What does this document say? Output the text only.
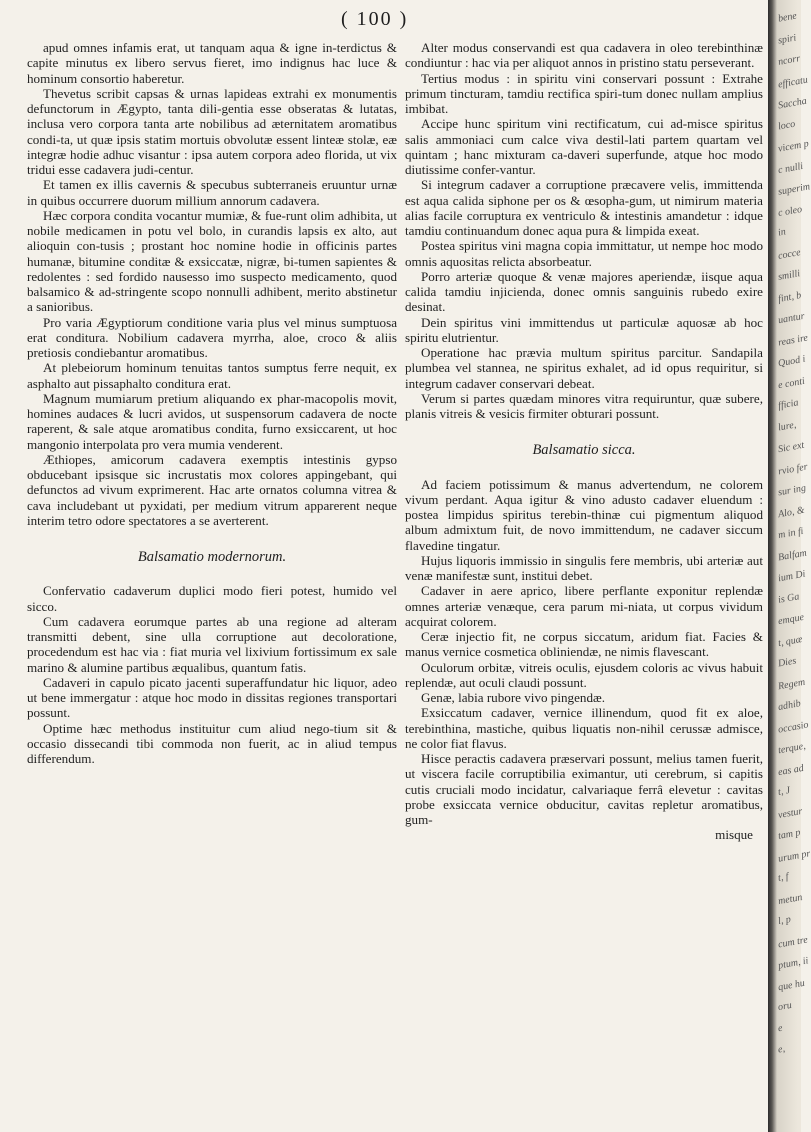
( 100 )

apud omnes infamis erat, ut tanquam aqua & igne in-terdictus & capite minutus ex libero servus fieret, imo indignus hac luce & hominum consortio haberetur.

Thevetus scribit capsas & urnas lapideas extrahi ex monumentis defunctorum in Ægypto, tanta dili-gentia esse obseratas & lutatas, inclusa vero corpora tanta arte nobilibus ad æternitatem aromatibus condi-ta, ut quæ ipsis statim mortuis obvolutæ essent linteæ stolæ, eæ integræ hodie adhuc visantur : ipsa autem corpora adeo florida, ut vix tridui esse cadavera judi-centur.

Et tamen ex illis cavernis & specubus subterraneis eruuntur urnæ in quibus occurrere duorum millium annorum cadavera.

Hæc corpora condita vocantur mumiæ, & fue-runt olim adhibita, ut nobile medicamen in potu vel bolo, in curandis lapsis ex alto, aut alioquin con-tusis ; prostant hoc nomine hodie in officinis partes humanæ, bitumine conditæ & exsiccatæ, nigræ, bi-tumen sapientes & redolentes : sed fordido nausesso imo suspecto medicamento, quod balsamico & ad-stringente scopo nonnulli adhibent, merito abstinetur a sanioribus.

Pro varia Ægyptiorum conditione varia plus vel minus sumptuosa erat conditura. Nobilium cadavera myrrha, aloe, croco & aliis pretiosis condiebantur aromatibus.

At plebeiorum hominum tenuitas tantos sumptus ferre nequit, ex asphalto aut pissaphalto conditura erat.

Magnum mumiarum pretium aliquando ex phar-macopolis movit, homines audaces & lucri avidos, ut suspensorum cadavera de nocte raperent, & sale atque aromatibus condita, furno exsiccarent, ut hoc mangonio interpolata pro vera mumia venderent.

Æthiopes, amicorum cadavera exemptis intestinis gypso obducebant ipsisque sic incrustatis mox colores appingebant, qui defunctos ad vivum exprimerent. Hac arte ornatos columna vitrea & cava includebant ut pyxidati, per medium vitrum apparerent neque interim tetro odore spectatores a se averterent.

Balsamatio modernorum.

Confervatio cadaverum duplici modo fieri potest, humido vel sicco.

Cum cadavera eorumque partes ab una regione ad alteram transmitti debent, sine ulla corruptione aut decoloratione, procedendum est hac via : fiat muria vel lixivium fortissimum ex sale marino & alumine partibus æqualibus, quantum fatis.

Cadaveri in capulo picato jacenti superaffundatur hic liquor, adeo ut bene immergatur : atque hoc modo in dissitas regiones transportari possunt.

Optime hæc methodus instituitur cum aliud nego-tium sit & occasio dissecandi tibi commoda non fuerit, ac in aliud tempus differendum.

Alter modus conservandi est qua cadavera in oleo terebinthinæ condiuntur : hac via per aliquot annos in pristino statu perseverant.

Tertius modus : in spiritu vini conservari possunt : Extrahe primum tincturam, tamdiu rectifica spiri-tum donec nullam amplius imbibat.

Accipe hunc spiritum vini rectificatum, cui ad-misce spiritus salis ammoniaci cum calce viva destil-lati partem quartam vel quintam ; hanc mixturam ca-daveri superfunde, atque hoc modo diutissime confer-vantur.

Si integrum cadaver a corruptione præcavere velis, immittenda est aqua calida siphone per os & œsopha-gum, ut nimirum materia alias facile corruptura ex ventriculo & intestinis amandetur : idque tamdiu continuandum donec aqua pura & limpida exeat.

Postea spiritus vini magna copia immittatur, ut nempe hoc modo omnis aquositas relicta absorbeatur.

Porro arteriæ quoque & venæ majores aperiendæ, iisque aqua calida tamdiu injicienda, donec omnis sanguinis rubedo exire desinat.

Dein spiritus vini immittendus ut particulæ aquosæ ab hoc spiritu elutrientur.

Operatione hac prævia multum spiritus parcitur. Sandapila plumbea vel stannea, ne spiritus exhalet, ad id opus requiritur, si integrum cadaver conservari debeat.

Verum si partes quædam minores vitra requiruntur, quæ subere, planis vitreis & vesicis firmiter obturari possunt.

Balsamatio sicca.

Ad faciem potissimum & manus advertendum, ne colorem vivum perdant. Aqua igitur & vino adusto cadaver eluendum : postea limpidus spiritus terebin-thinæ cui pigmentum aliquod album admixtum fuit, de novo immittendum, ne cadaver siccum flavedine tingatur.

Hujus liquoris immissio in singulis fere membris, ubi arteriæ aut venæ manifestæ sunt, institui debet.

Cadaver in aere aprico, libere perflante exponitur replendæ omnes arteriæ venæque, cera parum mi-niata, ut corpus vividum acquirat colorem.

Ceræ injectio fit, ne corpus siccatum, aridum fiat. Facies & manus vernice cosmetica obliniendæ, ne nimis flavescant.

Oculorum orbitæ, vitreis oculis, ejusdem coloris ac vivus habuit replendæ, aut oculi claudi possunt.

Genæ, labia rubore vivo pingendæ.

Exsiccatum cadaver, vernice illinendum, quod fit ex aloe, terebinthina, mastiche, quibus liquatis non-nihil cerussæ admisce, ne color fiat flavus.

Hisce peractis cadavera præservari possunt, melius tamen fuerit, ut viscera facile corruptibilia eximantur, uti cerebrum, si capitis cutis cruciali modo incidatur, calvariaque ferrâ elevetur : cavitas probe exsiccata vernice obducitur, cavitas repletur aromatibus, gum-

misque
bene
spiri
ncorr
efficatu
Saccha
loco
vicem p
c nulli
superim
c oleo
in
cocce
smilli
fint, b
uantur
reas ire
Quod i
e conti
fficia
lure,
Sic ext
rvio fer
sur ing
Alo, &
m in fi
Balfam
ium Di
is Ga
emque
t, quæ
Dies
Regem
adhib
occasio
terque,
eas ad
t, J
vestur
tam p
urum pr
t, f
metun
l, p
cum tre
ptum, ii
que hu
oru
e
e,
